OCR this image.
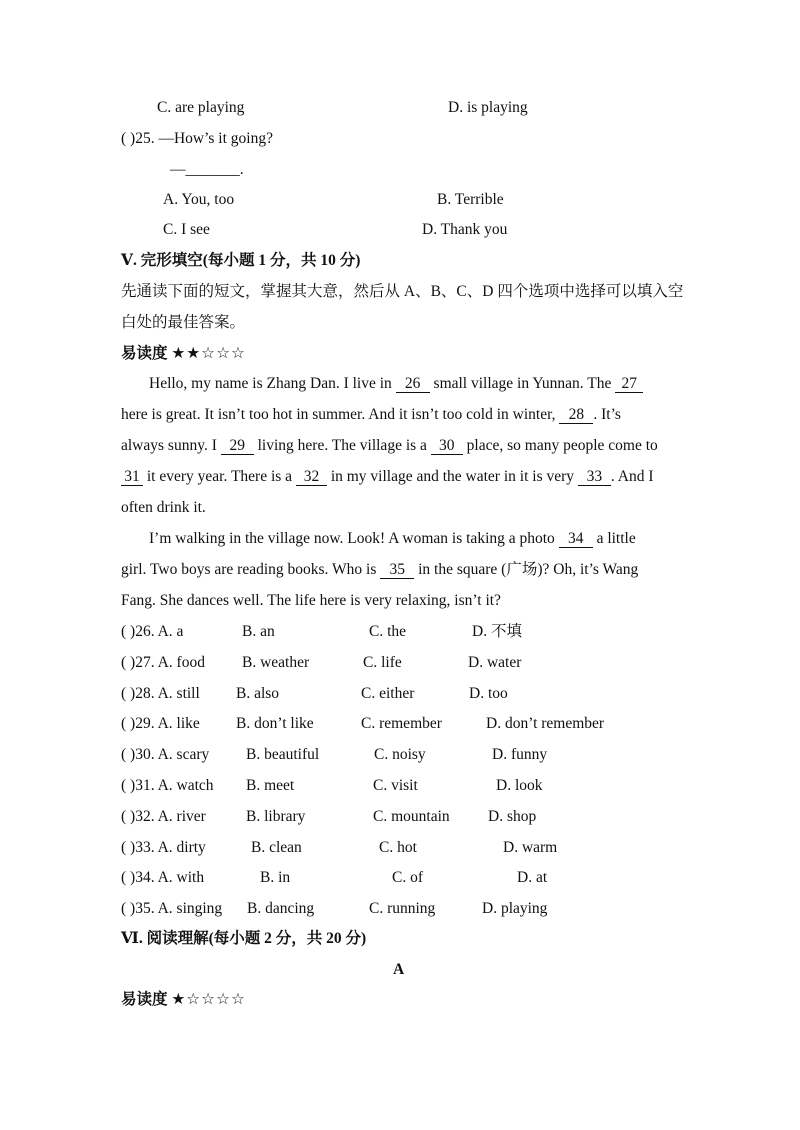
C. are playing	D. is playing
( )25. —How’s it going?
—_______.
A. You, too	B. Terrible
C. I see	D. Thank you
Ⅴ. 完形填空(每小题 1 分，共 10 分)
先通读下面的短文，掌握其大意，然后从 A、B、C、D 四个选项中选择可以填入空
白处的最佳答案。
易读度 ★★☆☆☆
Hello, my name is Zhang Dan. I live in 26 small village in Yunnan. The 27
here is great. It isn’t too hot in summer. And it isn’t too cold in winter, 28 . It’s
always sunny. I 29 living here. The village is a 30 place, so many people come to
31 it every year. There is a 32 in my village and the water in it is very 33 . And I
often drink it.
I’m walking in the village now. Look! A woman is taking a photo 34 a little
girl. Two boys are reading books. Who is 35 in the square (广场)? Oh, it’s Wang
Fang. She dances well. The life here is very relaxing, isn’t it?
( )26. A. a	B. an	C. the	D. 不填
( )27. A. food B. weather	C. life	D. water
( )28. A. still B. also	C. either	D. too
( )29. A. like B. don’t like	C. remember	D. don’t remember
( )30. A. scary B. beautiful	C. noisy	D. funny
( )31. A. watch B. meet	C. visit	D. look
( )32. A. river	B. library	C. mountain D. shop
( )33. A. dirty	B. clean	C. hot	D. warm
( )34. A. with	B. in	C. of	D. at
( )35. A. singing B. dancing	C. running	D. playing
Ⅵ. 阅读理解(每小题 2 分，共 20 分)
A
易读度 ★☆☆☆☆
